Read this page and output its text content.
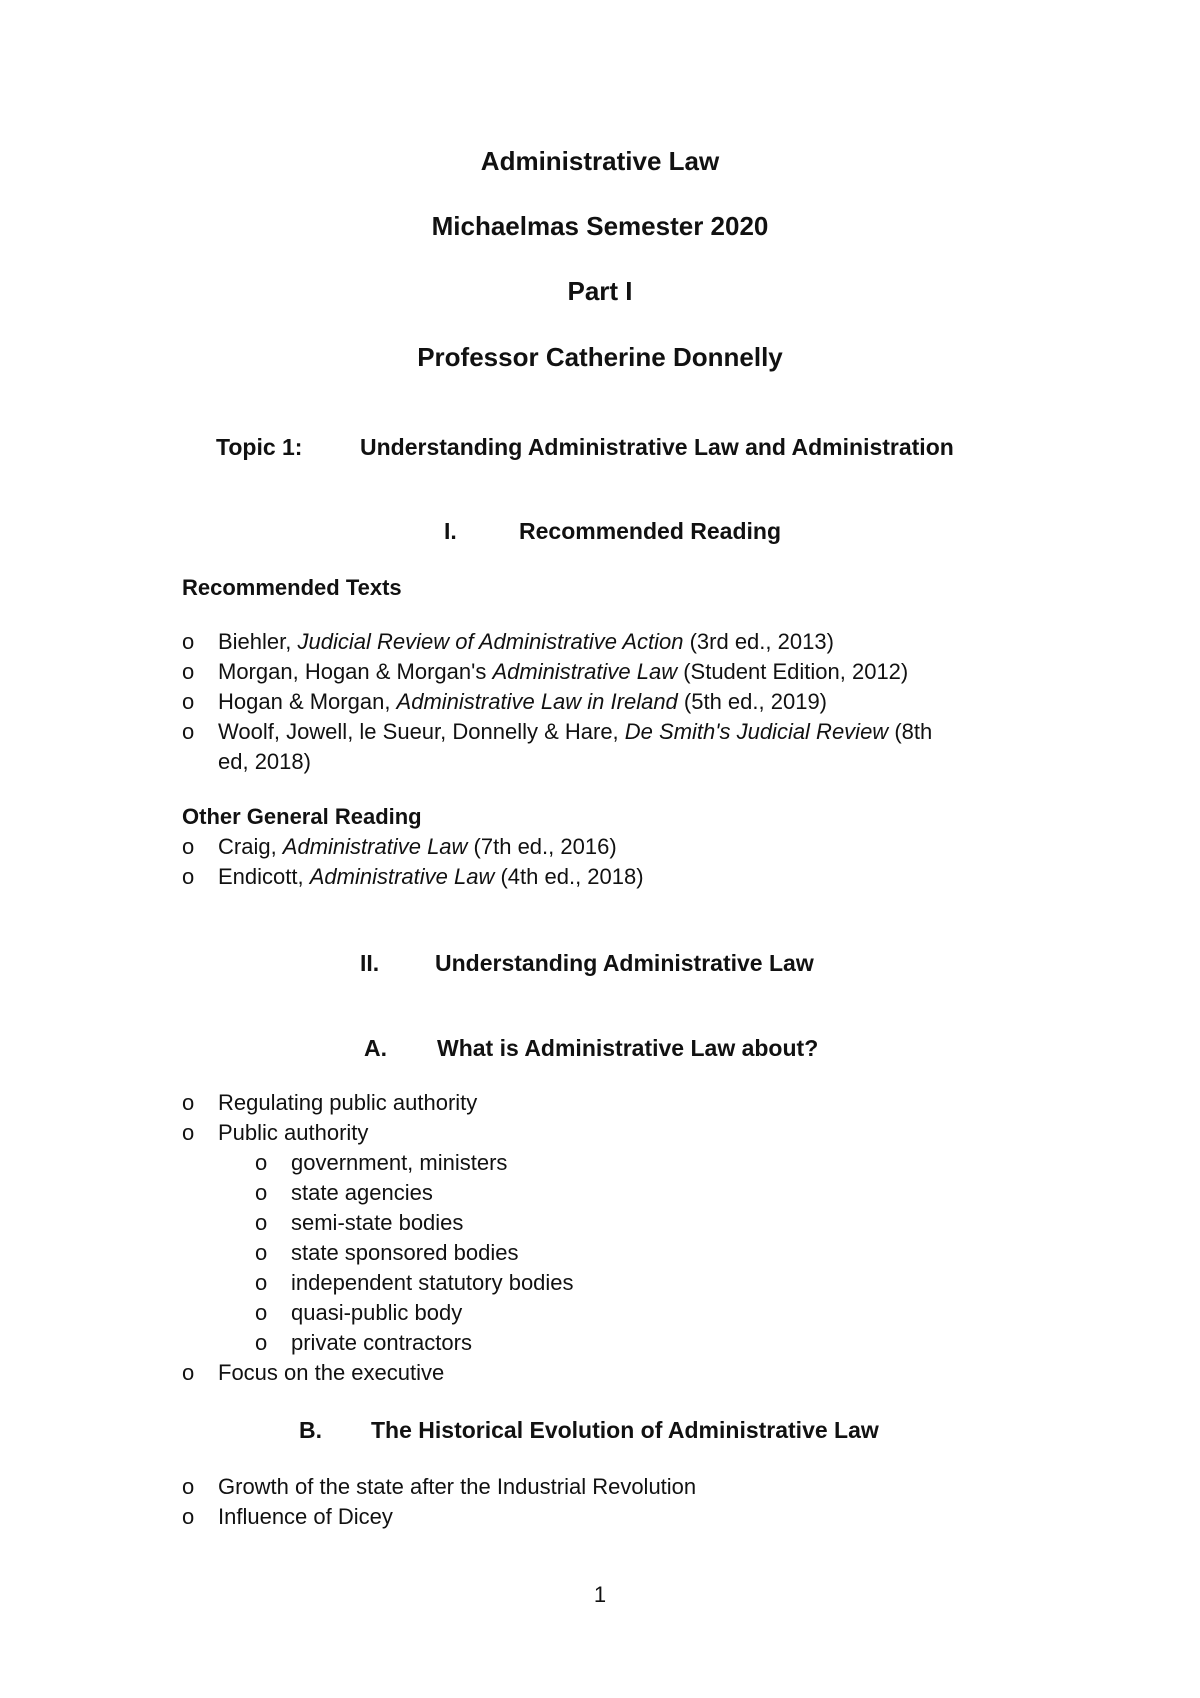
Administrative Law
Michaelmas Semester 2020
Part I
Professor Catherine Donnelly
Topic 1:	Understanding Administrative Law and Administration
I.	Recommended Reading
Recommended Texts
o Biehler, Judicial Review of Administrative Action (3rd ed., 2013)
o Morgan, Hogan & Morgan's Administrative Law (Student Edition, 2012)
o Hogan & Morgan, Administrative Law in Ireland (5th ed., 2019)
o Woolf, Jowell, le Sueur, Donnelly & Hare, De Smith's Judicial Review (8th
ed, 2018)
Other General Reading
o Craig, Administrative Law (7th ed., 2016)
o Endicott, Administrative Law (4th ed., 2018)
II. Understanding Administrative Law
A. What is Administrative Law about?
o Regulating public authority
o Public authority
o government, ministers
o state agencies
o semi-state bodies
o state sponsored bodies
o independent statutory bodies
o quasi-public body
o private contractors
o Focus on the executive
B. The Historical Evolution of Administrative Law
o Growth of the state after the Industrial Revolution
o Influence of Dicey
1
